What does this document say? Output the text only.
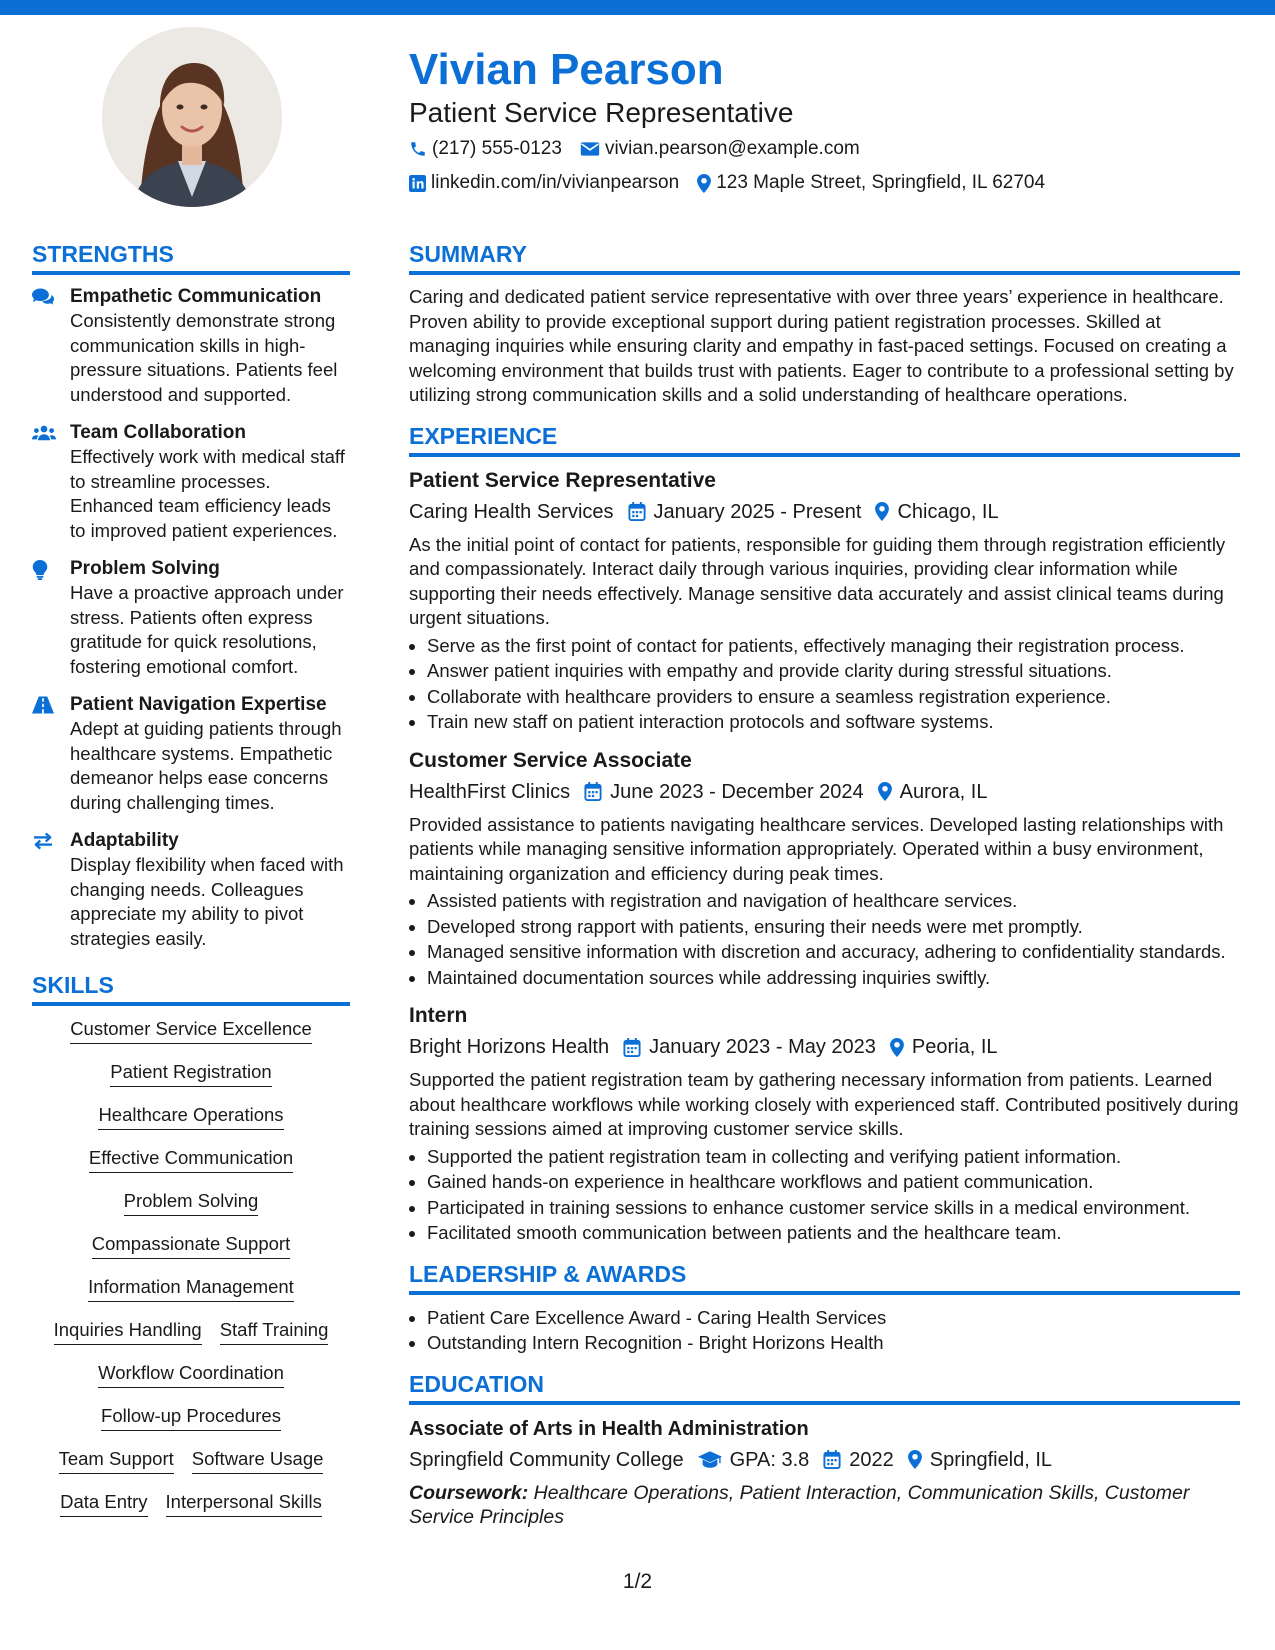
Vivian Pearson
Patient Service Representative
(217) 555-0123 vivian.pearson@example.com
linkedin.com/in/vivianpearson 123 Maple Street, Springfield, IL 62704
STRENGTHS
Empathetic Communication
Consistently demonstrate strong communication skills in high-pressure situations. Patients feel understood and supported.
Team Collaboration
Effectively work with medical staff to streamline processes. Enhanced team efficiency leads to improved patient experiences.
Problem Solving
Have a proactive approach under stress. Patients often express gratitude for quick resolutions, fostering emotional comfort.
Patient Navigation Expertise
Adept at guiding patients through healthcare systems. Empathetic demeanor helps ease concerns during challenging times.
Adaptability
Display flexibility when faced with changing needs. Colleagues appreciate my ability to pivot strategies easily.
SKILLS
Customer Service Excellence
Patient Registration
Healthcare Operations
Effective Communication
Problem Solving
Compassionate Support
Information Management
Inquiries Handling Staff Training
Workflow Coordination
Follow-up Procedures
Team Support Software Usage
Data Entry Interpersonal Skills
SUMMARY

Caring and dedicated patient service representative with over three years’ experience in healthcare. Proven ability to provide exceptional support during patient registration processes. Skilled at managing inquiries while ensuring clarity and empathy in fast-paced settings. Focused on creating a welcoming environment that builds trust with patients. Eager to contribute to a professional setting by utilizing strong communication skills and a solid understanding of healthcare operations.

EXPERIENCE
Patient Service Representative
Caring Health Services January 2025 - Present Chicago, IL

As the initial point of contact for patients, responsible for guiding them through registration efficiently and compassionately. Interact daily through various inquiries, providing clear information while supporting their needs effectively. Manage sensitive data accurately and assist clinical teams during urgent situations.

• Serve as the first point of contact for patients, effectively managing their registration process.
• Answer patient inquiries with empathy and provide clarity during stressful situations.
• Collaborate with healthcare providers to ensure a seamless registration experience.
• Train new staff on patient interaction protocols and software systems.
Customer Service Associate
HealthFirst Clinics June 2023 - December 2024 Aurora, IL

Provided assistance to patients navigating healthcare services. Developed lasting relationships with patients while managing sensitive information appropriately. Operated within a busy environment, maintaining organization and efficiency during peak times.

• Assisted patients with registration and navigation of healthcare services.
• Developed strong rapport with patients, ensuring their needs were met promptly.
• Managed sensitive information with discretion and accuracy, adhering to confidentiality standards.
• Maintained documentation sources while addressing inquiries swiftly.
Intern
Bright Horizons Health January 2023 - May 2023 Peoria, IL

Supported the patient registration team by gathering necessary information from patients. Learned about healthcare workflows while working closely with experienced staff. Contributed positively during training sessions aimed at improving customer service skills.

• Supported the patient registration team in collecting and verifying patient information.
• Gained hands-on experience in healthcare workflows and patient communication.
• Participated in training sessions to enhance customer service skills in a medical environment.
• Facilitated smooth communication between patients and the healthcare team.
LEADERSHIP & AWARDS
• Patient Care Excellence Award - Caring Health Services
• Outstanding Intern Recognition - Bright Horizons Health
EDUCATION
Associate of Arts in Health Administration
Springfield Community College GPA: 3.8 2022 Springfield, IL
Coursework: Healthcare Operations, Patient Interaction, Communication Skills, Customer Service Principles
1/2
